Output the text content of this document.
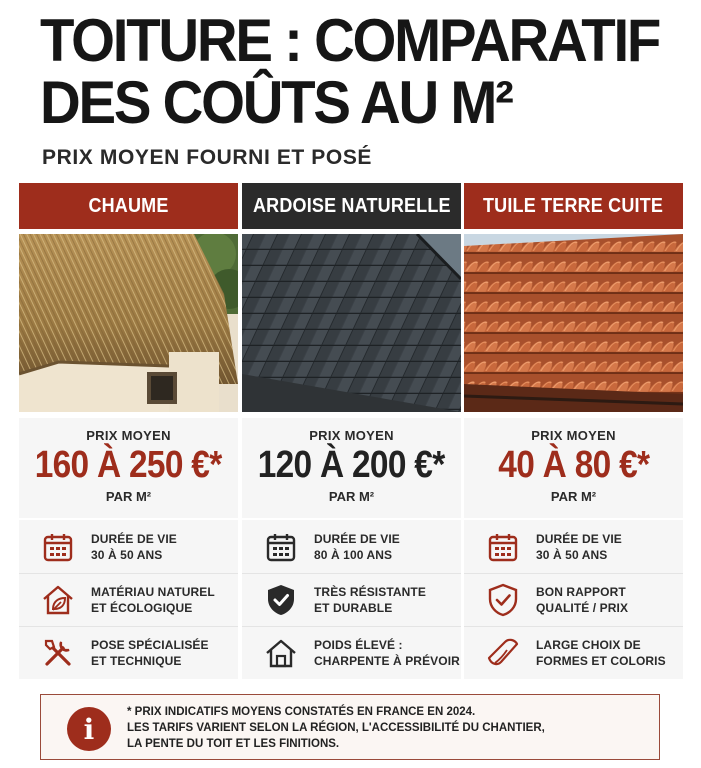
TOITURE : COMPARATIF
DES COÛTS AU M²
PRIX MOYEN FOURNI ET POSÉ
CHAUME
PRIX MOYEN
160 À 250 €*
PAR M²
DURÉE DE VIE
30 À 50 ANS
MATÉRIAU NATUREL
ET ÉCOLOGIQUE
POSE SPÉCIALISÉE
ET TECHNIQUE
ARDOISE NATURELLE
PRIX MOYEN
120 À 200 €*
PAR M²
DURÉE DE VIE
80 À 100 ANS
TRÈS RÉSISTANTE
ET DURABLE
POIDS ÉLEVÉ :
CHARPENTE À PRÉVOIR
TUILE TERRE CUITE
PRIX MOYEN
40 À 80 €*
PAR M²
DURÉE DE VIE
30 À 50 ANS
BON RAPPORT
QUALITÉ / PRIX
LARGE CHOIX DE
FORMES ET COLORIS
i
* PRIX INDICATIFS MOYENS CONSTATÉS EN FRANCE EN 2024.
LES TARIFS VARIENT SELON LA RÉGION, L'ACCESSIBILITÉ DU CHANTIER,
LA PENTE DU TOIT ET LES FINITIONS.
